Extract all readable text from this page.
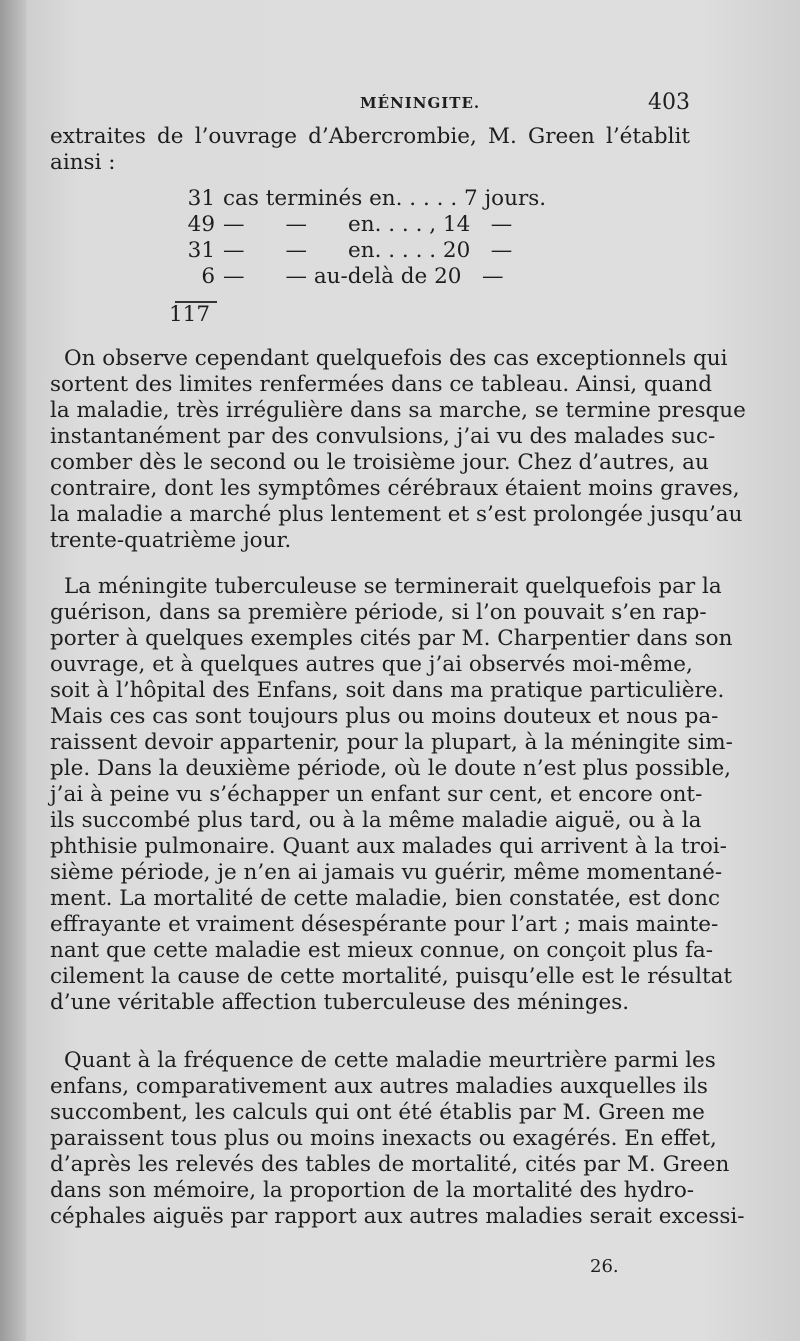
MÉNINGITE.	403
extraites de l’ouvrage d’Abercrombie, M. Green l’établit
ainsi :
31 cas terminés en. . . . . 7 jours.
49 —      —      en. . . . , 14   —
31 —      —      en. . . . . 20   —
6 —      — au-delà de 20   —
117
On observe cependant quelquefois des cas exceptionnels qui
sortent des limites renfermées dans ce tableau. Ainsi, quand
la maladie, très irrégulière dans sa marche, se termine presque
instantanément par des convulsions, j’ai vu des malades suc-
comber dès le second ou le troisième jour. Chez d’autres, au
contraire, dont les symptômes cérébraux étaient moins graves,
la maladie a marché plus lentement et s’est prolongée jusqu’au
trente-quatrième jour.
La méningite tuberculeuse se terminerait quelquefois par la
guérison, dans sa première période, si l’on pouvait s’en rap-
porter à quelques exemples cités par M. Charpentier dans son
ouvrage, et à quelques autres que j’ai observés moi-même,
soit à l’hôpital des Enfans, soit dans ma pratique particulière.
Mais ces cas sont toujours plus ou moins douteux et nous pa-
raissent devoir appartenir, pour la plupart, à la méningite sim-
ple. Dans la deuxième période, où le doute n’est plus possible,
j’ai à peine vu s’échapper un enfant sur cent, et encore ont-
ils succombé plus tard, ou à la même maladie aiguë, ou à la
phthisie pulmonaire. Quant aux malades qui arrivent à la troi-
sième période, je n’en ai jamais vu guérir, même momentané-
ment. La mortalité de cette maladie, bien constatée, est donc
effrayante et vraiment désespérante pour l’art ; mais mainte-
nant que cette maladie est mieux connue, on conçoit plus fa-
cilement la cause de cette mortalité, puisqu’elle est le résultat
d’une véritable affection tuberculeuse des méninges.
Quant à la fréquence de cette maladie meurtrière parmi les
enfans, comparativement aux autres maladies auxquelles ils
succombent, les calculs qui ont été établis par M. Green me
paraissent tous plus ou moins inexacts ou exagérés. En effet,
d’après les relevés des tables de mortalité, cités par M. Green
dans son mémoire, la proportion de la mortalité des hydro-
céphales aiguës par rapport aux autres maladies serait excessi-
26.
